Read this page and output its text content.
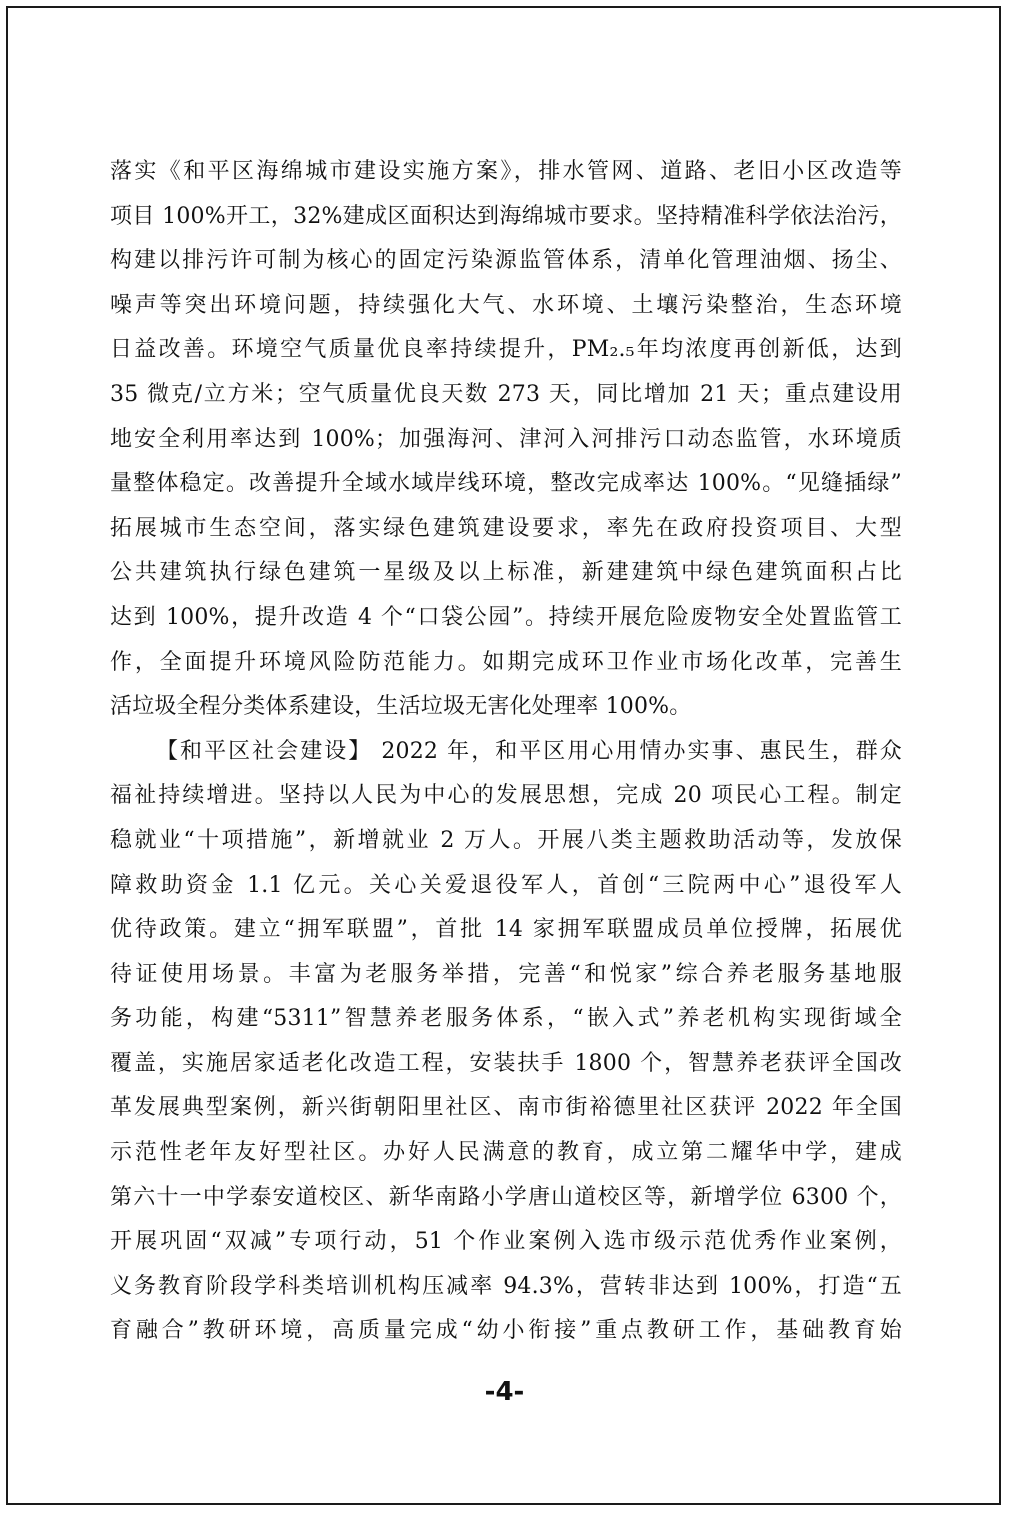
落实《和平区海绵城市建设实施方案》，排水管网、道路、老旧小区改造等
项目 100%开工，32%建成区面积达到海绵城市要求。坚持精准科学依法治污，
构建以排污许可制为核心的固定污染源监管体系，清单化管理油烟、扬尘、
噪声等突出环境问题，持续强化大气、水环境、土壤污染整治，生态环境
日益改善。环境空气质量优良率持续提升，PM₂.₅年均浓度再创新低，达到
35 微克/立方米；空气质量优良天数 273 天，同比增加 21 天；重点建设用
地安全利用率达到 100%；加强海河、津河入河排污口动态监管，水环境质
量整体稳定。改善提升全域水域岸线环境，整改完成率达 100%。“见缝插绿”
拓展城市生态空间，落实绿色建筑建设要求，率先在政府投资项目、大型
公共建筑执行绿色建筑一星级及以上标准，新建建筑中绿色建筑面积占比
达到 100%，提升改造 4 个“口袋公园”。持续开展危险废物安全处置监管工
作，全面提升环境风险防范能力。如期完成环卫作业市场化改革，完善生
活垃圾全程分类体系建设，生活垃圾无害化处理率 100%。
【和平区社会建设】 2022 年，和平区用心用情办实事、惠民生，群众
福祉持续增进。坚持以人民为中心的发展思想，完成 20 项民心工程。制定
稳就业“十项措施”，新增就业 2 万人。开展八类主题救助活动等，发放保
障救助资金 1.1 亿元。关心关爱退役军人，首创“三院两中心”退役军人
优待政策。建立“拥军联盟”，首批 14 家拥军联盟成员单位授牌，拓展优
待证使用场景。丰富为老服务举措，完善“和悦家”综合养老服务基地服
务功能，构建“5311”智慧养老服务体系，“嵌入式”养老机构实现街域全
覆盖，实施居家适老化改造工程，安装扶手 1800 个，智慧养老获评全国改
革发展典型案例，新兴街朝阳里社区、南市街裕德里社区获评 2022 年全国
示范性老年友好型社区。办好人民满意的教育，成立第二耀华中学，建成
第六十一中学泰安道校区、新华南路小学唐山道校区等，新增学位 6300 个，
开展巩固“双减”专项行动，51 个作业案例入选市级示范优秀作业案例，
义务教育阶段学科类培训机构压减率 94.3%，营转非达到 100%，打造“五
育融合”教研环境，高质量完成“幼小衔接”重点教研工作，基础教育始
-4-
